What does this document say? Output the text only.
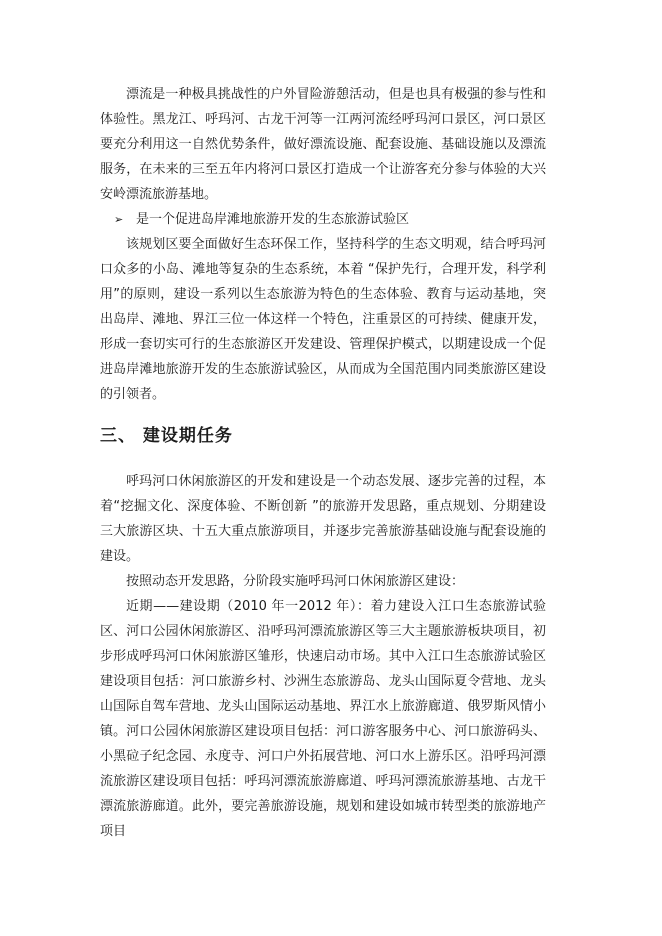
漂流是一种极具挑战性的户外冒险游憩活动，但是也具有极强的参与性和体验性。黑龙江、呼玛河、古龙干河等一江两河流经呼玛河口景区，河口景区要充分利用这一自然优势条件，做好漂流设施、配套设施、基础设施以及漂流服务，在未来的三至五年内将河口景区打造成一个让游客充分参与体验的大兴安岭漂流旅游基地。

➢ 是一个促进岛岸滩地旅游开发的生态旅游试验区

该规划区要全面做好生态环保工作，坚持科学的生态文明观，结合呼玛河口众多的小岛、滩地等复杂的生态系统，本着 “保护先行，合理开发，科学利用”的原则，建设一系列以生态旅游为特色的生态体验、教育与运动基地，突出岛岸、滩地、界江三位一体这样一个特色，注重景区的可持续、健康开发，形成一套切实可行的生态旅游区开发建设、管理保护模式，以期建设成一个促进岛岸滩地旅游开发的生态旅游试验区，从而成为全国范围内同类旅游区建设的引领者。

三、 建设期任务

呼玛河口休闲旅游区的开发和建设是一个动态发展、逐步完善的过程，本着“挖掘文化、深度体验、不断创新 ”的旅游开发思路，重点规划、分期建设三大旅游区块、十五大重点旅游项目，并逐步完善旅游基础设施与配套设施的建设。

按照动态开发思路，分阶段实施呼玛河口休闲旅游区建设：

近期——建设期（2010 年一2012 年）：着力建设入江口生态旅游试验区、河口公园休闲旅游区、沿呼玛河漂流旅游区等三大主题旅游板块项目，初步形成呼玛河口休闲旅游区雏形，快速启动市场。其中入江口生态旅游试验区建设项目包括：河口旅游乡村、沙洲生态旅游岛、龙头山国际夏令营地、龙头山国际自驾车营地、龙头山国际运动基地、界江水上旅游廊道、俄罗斯风情小镇。河口公园休闲旅游区建设项目包括：河口游客服务中心、河口旅游码头、小黑砬子纪念园、永度寺、河口户外拓展营地、河口水上游乐区。沿呼玛河漂流旅游区建设项目包括：呼玛河漂流旅游廊道、呼玛河漂流旅游基地、古龙干漂流旅游廊道。此外，要完善旅游设施，规划和建设如城市转型类的旅游地产项目
